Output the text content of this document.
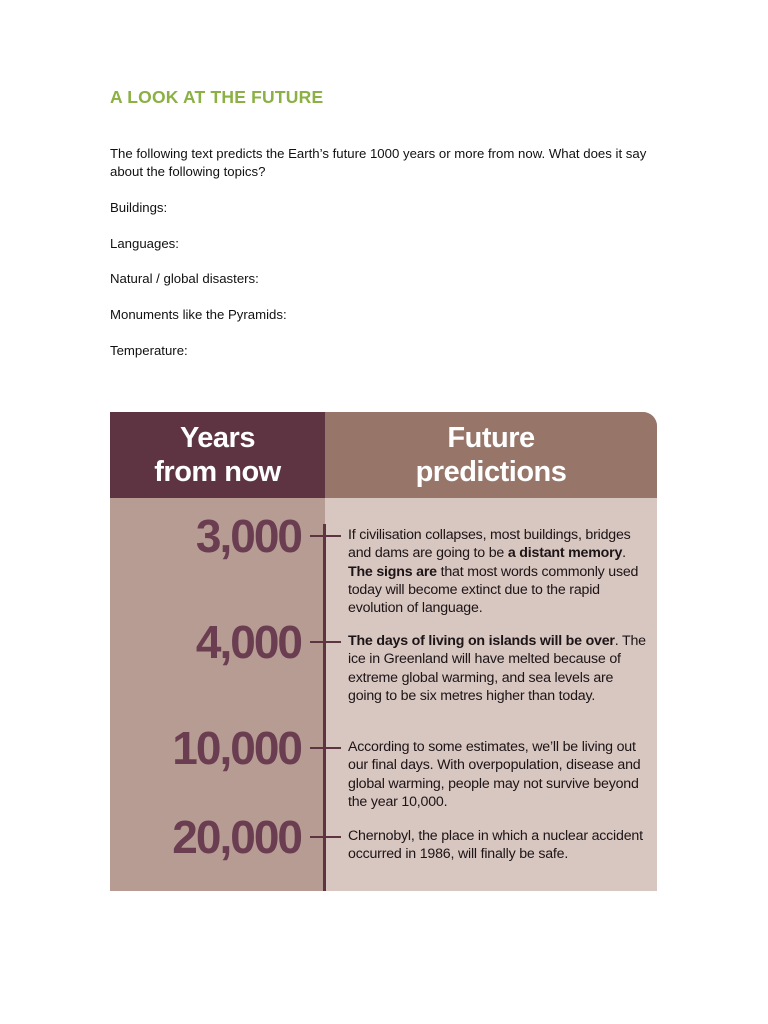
A LOOK AT THE FUTURE

The following text predicts the Earth’s future 1000 years or more from now. What does it say about the following topics?

Buildings:

Languages:

Natural / global disasters:

Monuments like the Pyramids:

Temperature:

Years
from now
Future
predictions
3,000
4,000
10,000
20,000

If civilisation collapses, most buildings, bridges and dams are going to be a distant memory. The signs are that most words commonly used today will become extinct due to the rapid evolution of language.

The days of living on islands will be over. The ice in Greenland will have melted because of extreme global warming, and sea levels are going to be six metres higher than today.

According to some estimates, we’ll be living out our final days. With overpopulation, disease and global warming, people may not survive beyond the year 10,000.

Chernobyl, the place in which a nuclear accident occurred in 1986, will finally be safe.
